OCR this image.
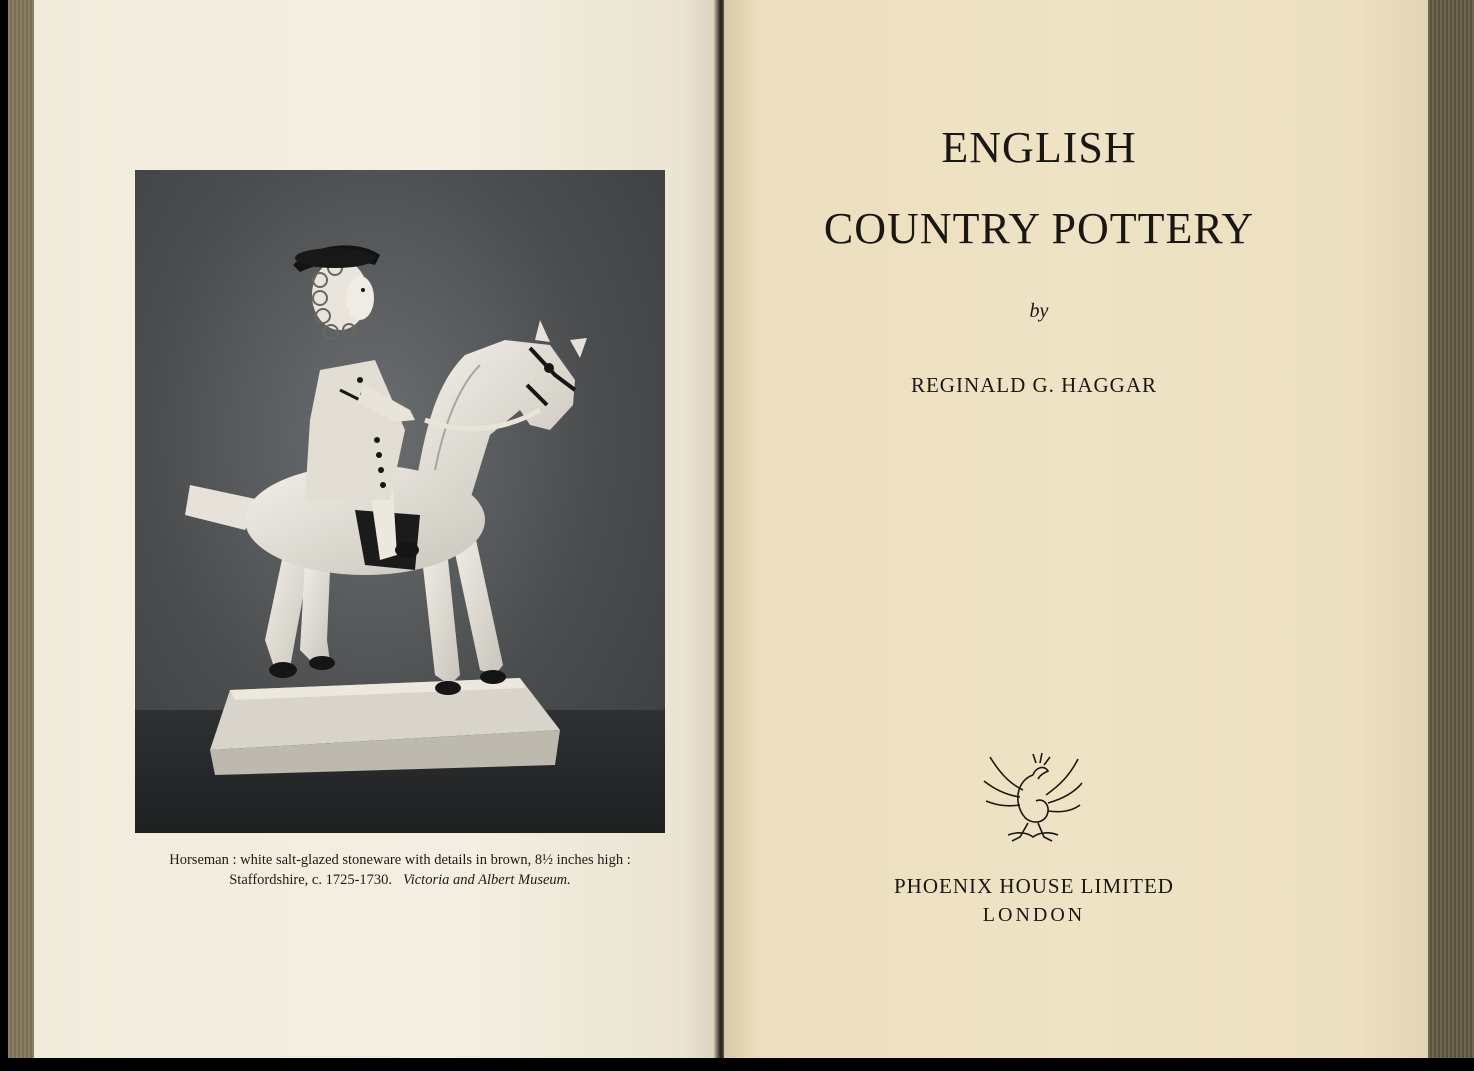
Horseman : white salt-glazed stoneware with details in brown, 8½ inches high :
Staffordshire, c. 1725-1730. Victoria and Albert Museum.
ENGLISH
COUNTRY POTTERY
by
REGINALD G. HAGGAR
PHOENIX HOUSE LIMITED
LONDON
